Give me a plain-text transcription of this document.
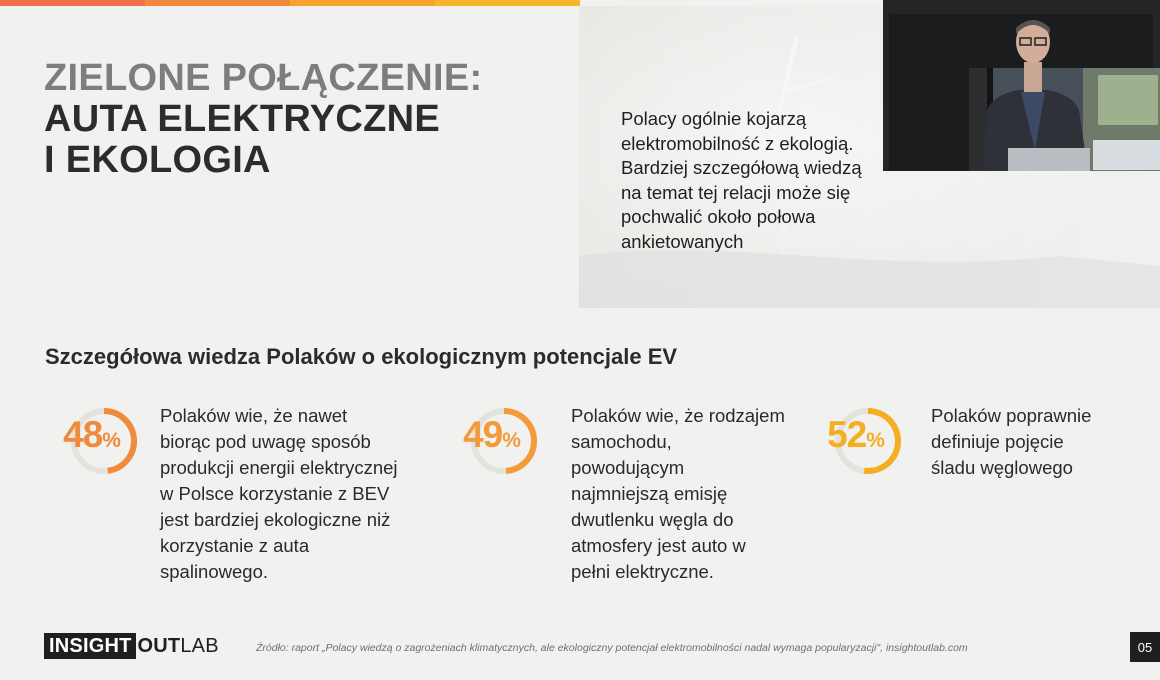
ZIELONE POŁĄCZENIE:
AUTA ELEKTRYCZNE
I EKOLOGIA
Polacy ogólnie kojarzą elektromobilność z ekologią. Bardziej szczegółową wiedzą na temat tej relacji może się pochwalić około połowa ankietowanych
Szczegółowa wiedza Polaków o ekologicznym potencjale EV
48%
Polaków wie, że nawet biorąc pod uwagę sposób produkcji energii elektrycznej w Polsce korzystanie z BEV jest bardziej ekologiczne niż korzystanie z auta spalinowego.
49%
Polaków wie, że rodzajem samochodu, powodującym najmniejszą emisję dwutlenku węgla do atmosfery jest auto w pełni elektryczne.
52%
Polaków poprawnie definiuje pojęcie śladu węglowego
INSIGHT OUT LAB	Źródło: raport „Polacy wiedzą o zagrożeniach klimatycznych, ale ekologiczny potencjał elektromobilności nadal wymaga popularyzacji", insightoutlab.com	05
